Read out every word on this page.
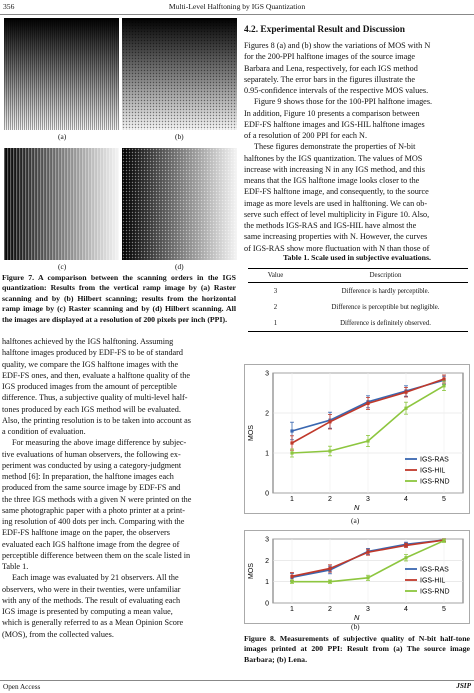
356	Multi-Level Halftoning by IGS Quantization
(a)	(b)
(c)	(d)
Figure 7. A comparison between the scanning orders in the IGS quantization: Results from the vertical ramp image by (a) Raster scanning and by (b) Hilbert scanning; results from the horizontal ramp image by (c) Raster scanning and by (d) Hilbert scanning. All the images are displayed at a resolution of 200 pixels per inch (PPI).
halftones achieved by the IGS halftoning. Assuming
halftone images produced by EDF-FS to be of standard
quality, we compare the IGS halftone images with the
EDF-FS ones, and then, evaluate a halftone quality of the
IGS produced images from the amount of perceptible
difference. Thus, a subjective quality of multi-level half-
tones produced by each IGS method will be evaluated.
Also, the printing resolution is to be taken into account as
a condition of evaluation.
For measuring the above image difference by subjec-
tive evaluations of human observers, the following ex-
periment was conducted by using a category-judgment
method [6]: In preparation, the halftone images each
produced from the same source image by EDF-FS and
the three IGS methods with a given N were printed on the
same photographic paper with a photo printer at a print-
ing resolution of 400 dots per inch. Comparing with the
EDF-FS halftone image on the paper, the observers
evaluated each IGS halftone image from the degree of
perceptible difference between them on the scale listed in
Table 1.
Each image was evaluated by 21 observers. All the
observers, who were in their twenties, were unfamiliar
with any of the methods. The result of evaluating each
IGS image is presented by computing a mean value,
which is generally referred to as a Mean Opinion Score
(MOS), from the collected values.
4.2. Experimental Result and Discussion
Figures 8 (a) and (b) show the variations of MOS with N
for the 200-PPI halftone images of the source image
Barbara and Lena, respectively, for each IGS method
separately. The error bars in the figures illustrate the
0.95-confidence intervals of the respective MOS values.
Figure 9 shows those for the 100-PPI halftone images.
In addition, Figure 10 presents a comparison between
EDF-FS halftone images and IGS-HIL halftone images
of a resolution of 200 PPI for each N.
These figures demonstrate the properties of N-bit
halftones by the IGS quantization. The values of MOS
increase with increasing N in any IGS method, and this
means that the IGS halftone image looks closer to the
EDF-FS halftone image, and consequently, to the source
image as more levels are used in halftoning. We can ob-
serve such effect of level multiplicity in Figure 10. Also,
the methods IGS-RAS and IGS-HIL have almost the
same increasing properties with N. However, the curves
of IGS-RAS show more fluctuation with N than those of
Table 1. Scale used in subjective evaluations.
Value	Description
3	Difference is hardly perceptible.
2	Difference is perceptible but negligible.
1	Difference is definitely observed.
0
1
2
3
1	2	3	4	5
N
MOS
IGS-RAS
IGS-HIL
IGS-RND
(a)
0
1
2
3
1	2	3	4	5
N
MOS	IGS-RAS
IGS-HIL
IGS-RND
(b)
Figure 8. Measurements of subjective quality of N-bit half-tone images printed at 200 PPI: Result from (a) The source image Barbara; (b) Lena.
Open Access	JSIP
